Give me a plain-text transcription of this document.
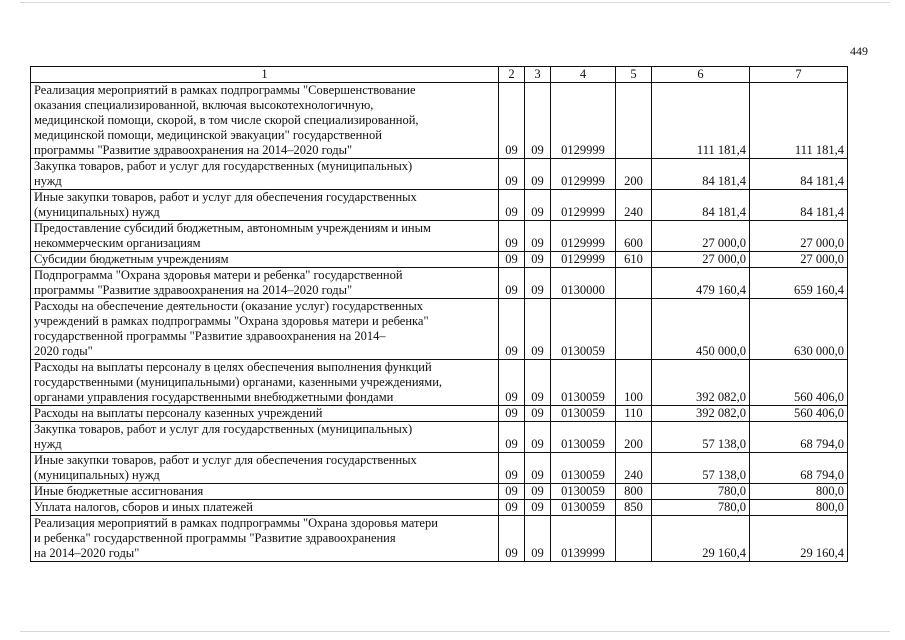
449
1	2	3	4	5	6	7
Реализация мероприятий в рамках подпрограммы "Совершенствование
оказания специализированной, включая высокотехнологичную,
медицинской помощи, скорой, в том числе скорой специализированной,
медицинской помощи, медицинской эвакуации" государственной
программы "Развитие здравоохранения на 2014–2020 годы"	09	09	0129999		111 181,4	111 181,4
Закупка товаров, работ и услуг для государственных (муниципальных)
нужд	09	09	0129999	200	84 181,4	84 181,4
Иные закупки товаров, работ и услуг для обеспечения государственных
(муниципальных) нужд	09	09	0129999	240	84 181,4	84 181,4
Предоставление субсидий бюджетным, автономным учреждениям и иным
некоммерческим организациям	09	09	0129999	600	27 000,0	27 000,0
Субсидии бюджетным учреждениям	09	09	0129999	610	27 000,0	27 000,0
Подпрограмма "Охрана здоровья матери и ребенка" государственной
программы "Развитие здравоохранения на 2014–2020 годы"	09	09	0130000		479 160,4	659 160,4
Расходы на обеспечение деятельности (оказание услуг) государственных
учреждений в рамках подпрограммы "Охрана здоровья матери и ребенка"
государственной программы "Развитие здравоохранения на 2014–
2020 годы"	09	09	0130059		450 000,0	630 000,0
Расходы на выплаты персоналу в целях обеспечения выполнения функций
государственными (муниципальными) органами, казенными учреждениями,
органами управления государственными внебюджетными фондами	09	09	0130059	100	392 082,0	560 406,0
Расходы на выплаты персоналу казенных учреждений	09	09	0130059	110	392 082,0	560 406,0
Закупка товаров, работ и услуг для государственных (муниципальных)
нужд	09	09	0130059	200	57 138,0	68 794,0
Иные закупки товаров, работ и услуг для обеспечения государственных
(муниципальных) нужд	09	09	0130059	240	57 138,0	68 794,0
Иные бюджетные ассигнования	09	09	0130059	800	780,0	800,0
Уплата налогов, сборов и иных платежей	09	09	0130059	850	780,0	800,0
Реализация мероприятий в рамках подпрограммы "Охрана здоровья матери
и ребенка" государственной программы "Развитие здравоохранения
на 2014–2020 годы"	09	09	0139999		29 160,4	29 160,4
